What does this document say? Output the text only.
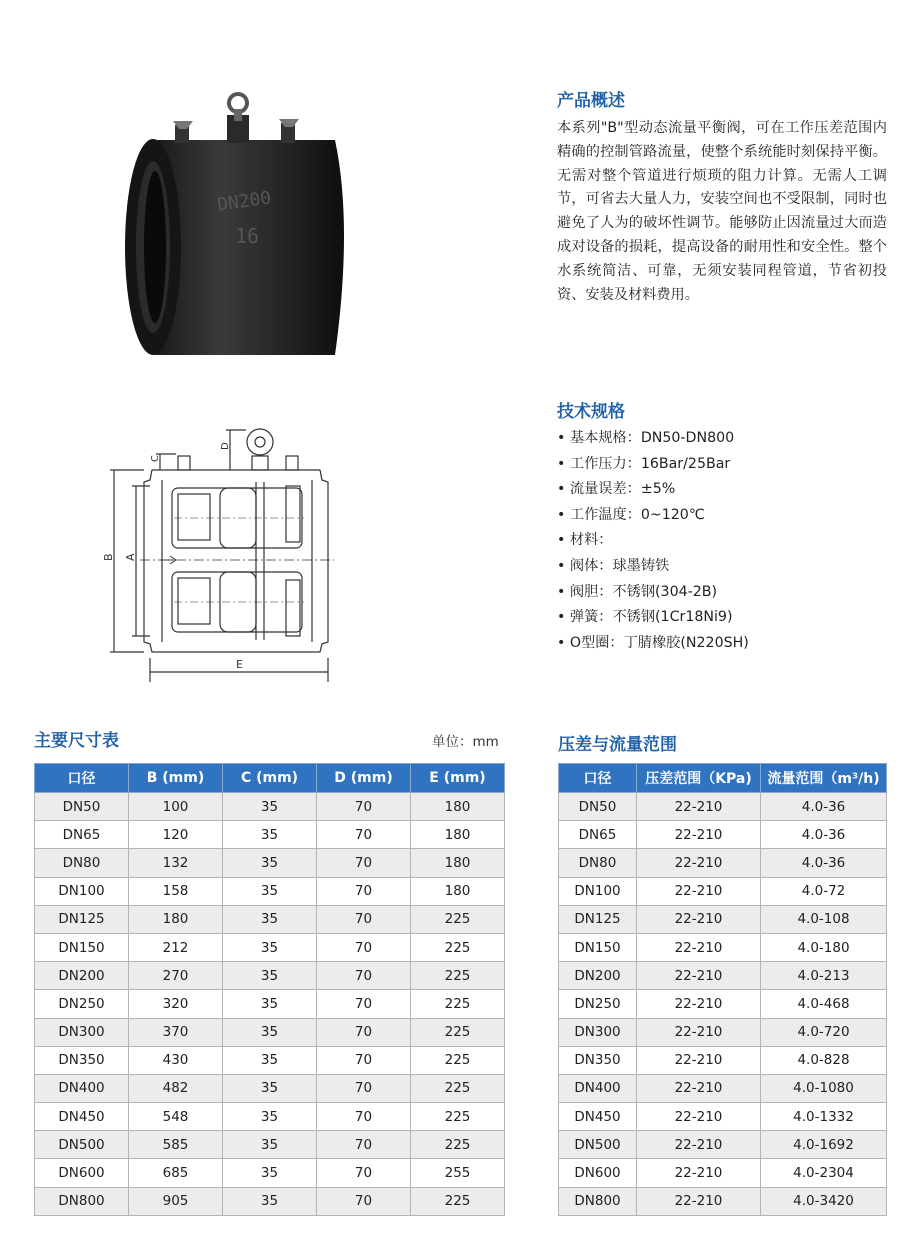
DN200
16
B A
C
D
E
产品概述
本系列"B"型动态流量平衡阀，可在工作压差范围内精确的控制管路流量，使整个系统能时刻保持平衡。无需对整个管道进行烦琐的阻力计算。无需人工调节，可省去大量人力，安装空间也不受限制，同时也避免了人为的破坏性调节。能够防止因流量过大而造成对设备的损耗，提高设备的耐用性和安全性。整个水系统简洁、可靠，无须安装同程管道，节省初投资、安装及材料费用。
技术规格
• 基本规格：DN50-DN800
• 工作压力：16Bar/25Bar
• 流量误差：±5%
• 工作温度：0~120℃
• 材料：
• 阀体：球墨铸铁
• 阀胆：不锈钢(304-2B)
• 弹簧：不锈钢(1Cr18Ni9)
• O型圈：丁腈橡胶(N220SH)
主要尺寸表	单位：mm
口径	B (mm)	C (mm)	D (mm)	E (mm)
DN50	100	35	70	180
DN65	120	35	70	180
DN80	132	35	70	180
DN100	158	35	70	180
DN125	180	35	70	225
DN150	212	35	70	225
DN200	270	35	70	225
DN250	320	35	70	225
DN300	370	35	70	225
DN350	430	35	70	225
DN400	482	35	70	225
DN450	548	35	70	225
DN500	585	35	70	225
DN600	685	35	70	255
DN800	905	35	70	225
压差与流量范围
口径	压差范围（KPa)	流量范围（m³/h)
DN50	22-210	4.0-36
DN65	22-210	4.0-36
DN80	22-210	4.0-36
DN100	22-210	4.0-72
DN125	22-210	4.0-108
DN150	22-210	4.0-180
DN200	22-210	4.0-213
DN250	22-210	4.0-468
DN300	22-210	4.0-720
DN350	22-210	4.0-828
DN400	22-210	4.0-1080
DN450	22-210	4.0-1332
DN500	22-210	4.0-1692
DN600	22-210	4.0-2304
DN800	22-210	4.0-3420
